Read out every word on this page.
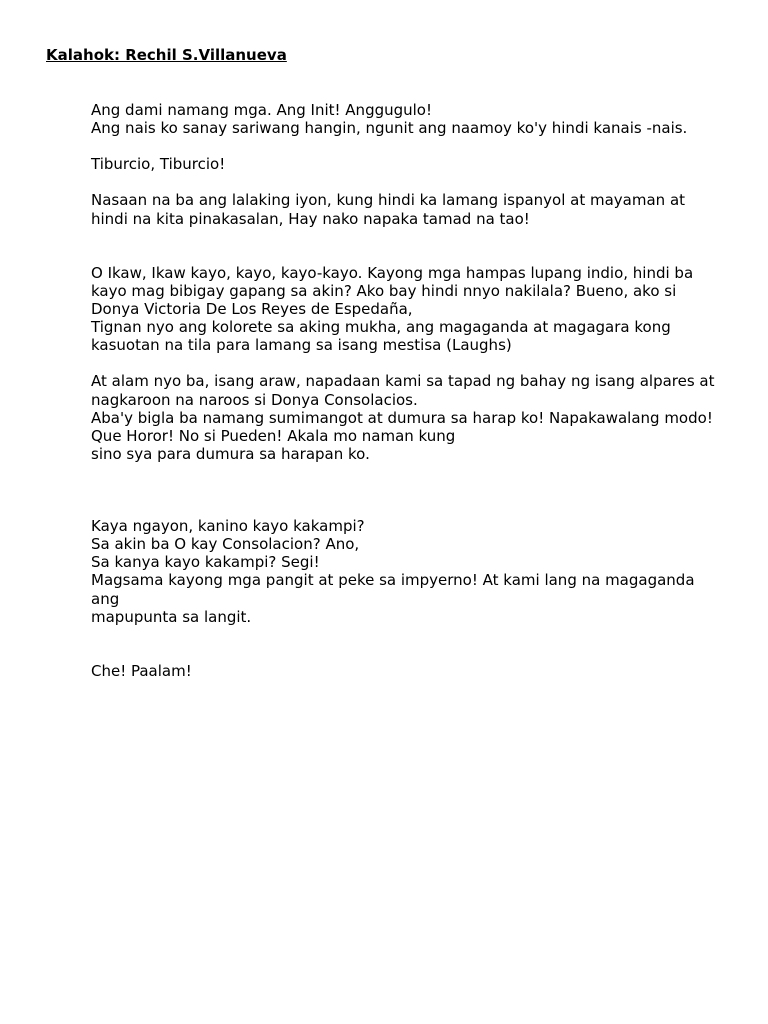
Kalahok: Rechil S.Villanueva
Ang dami namang mga. Ang Init! Anggugulo!
Ang nais ko sanay sariwang hangin, ngunit ang naamoy ko'y hindi kanais -nais.
Tiburcio, Tiburcio!
Nasaan na ba ang lalaking iyon, kung hindi ka lamang ispanyol at mayaman at
hindi na kita pinakasalan, Hay nako napaka tamad na tao!
O Ikaw, Ikaw kayo, kayo, kayo-kayo. Kayong mga hampas lupang indio, hindi ba
kayo mag bibigay gapang sa akin? Ako bay hindi nnyo nakilala? Bueno, ako si
Donya Victoria De Los Reyes de Espedaña,
Tignan nyo ang kolorete sa aking mukha, ang magaganda at magagara kong
kasuotan na tila para lamang sa isang mestisa (Laughs)
At alam nyo ba, isang araw, napadaan kami sa tapad ng bahay ng isang alpares at
nagkaroon na naroos si Donya Consolacios.
Aba'y bigla ba namang sumimangot at dumura sa harap ko! Napakawalang modo!
Que Horor! No si Pueden! Akala mo naman kung
sino sya para dumura sa harapan ko.
Kaya ngayon, kanino kayo kakampi?
Sa akin ba O kay Consolacion? Ano,
Sa kanya kayo kakampi? Segi!
Magsama kayong mga pangit at peke sa impyerno! At kami lang na magaganda
ang
mapupunta sa langit.
Che! Paalam!
